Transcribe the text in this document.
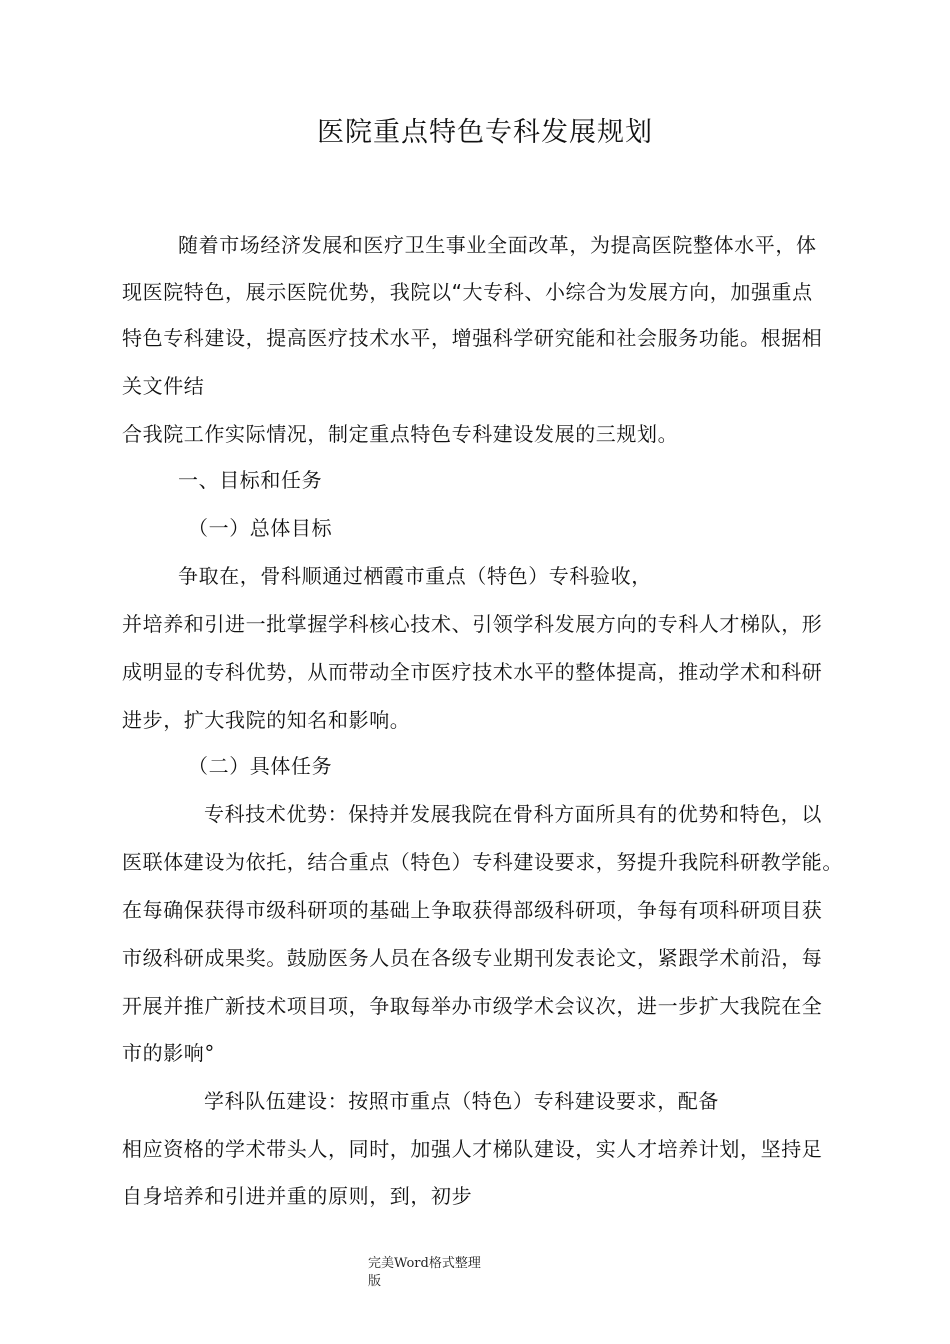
医院重点特色专科发展规划

随着市场经济发展和医疗卫生事业全面改革，为提高医院整体水平，体

现医院特色，展示医院优势，我院以“大专科、小综合为发展方向，加强重点

特色专科建设，提高医疗技术水平，增强科学研究能和社会服务功能。根据相

关文件结

合我院工作实际情况，制定重点特色专科建设发展的三规划。

一、目标和任务

（一）总体目标

争取在，骨科顺通过栖霞市重点（特色）专科验收，

并培养和引进一批掌握学科核心技术、引领学科发展方向的专科人才梯队，形

成明显的专科优势，从而带动全市医疗技术水平的整体提高，推动学术和科研

进步，扩大我院的知名和影响。

（二）具体任务

专科技术优势：保持并发展我院在骨科方面所具有的优势和特色，以

医联体建设为依托，结合重点（特色）专科建设要求，努提升我院科研教学能。

在每确保获得市级科研项的基础上争取获得部级科研项，争每有项科研项目获

市级科研成果奖。鼓励医务人员在各级专业期刊发表论文，紧跟学术前沿，每

开展并推广新技术项目项，争取每举办市级学术会议次，进一步扩大我院在全

市的影响°

学科队伍建设：按照市重点（特色）专科建设要求，配备

相应资格的学术带头人，同时，加强人才梯队建设，实人才培养计划，坚持足

自身培养和引进并重的原则，到，初步

完美Word格式整理
版
